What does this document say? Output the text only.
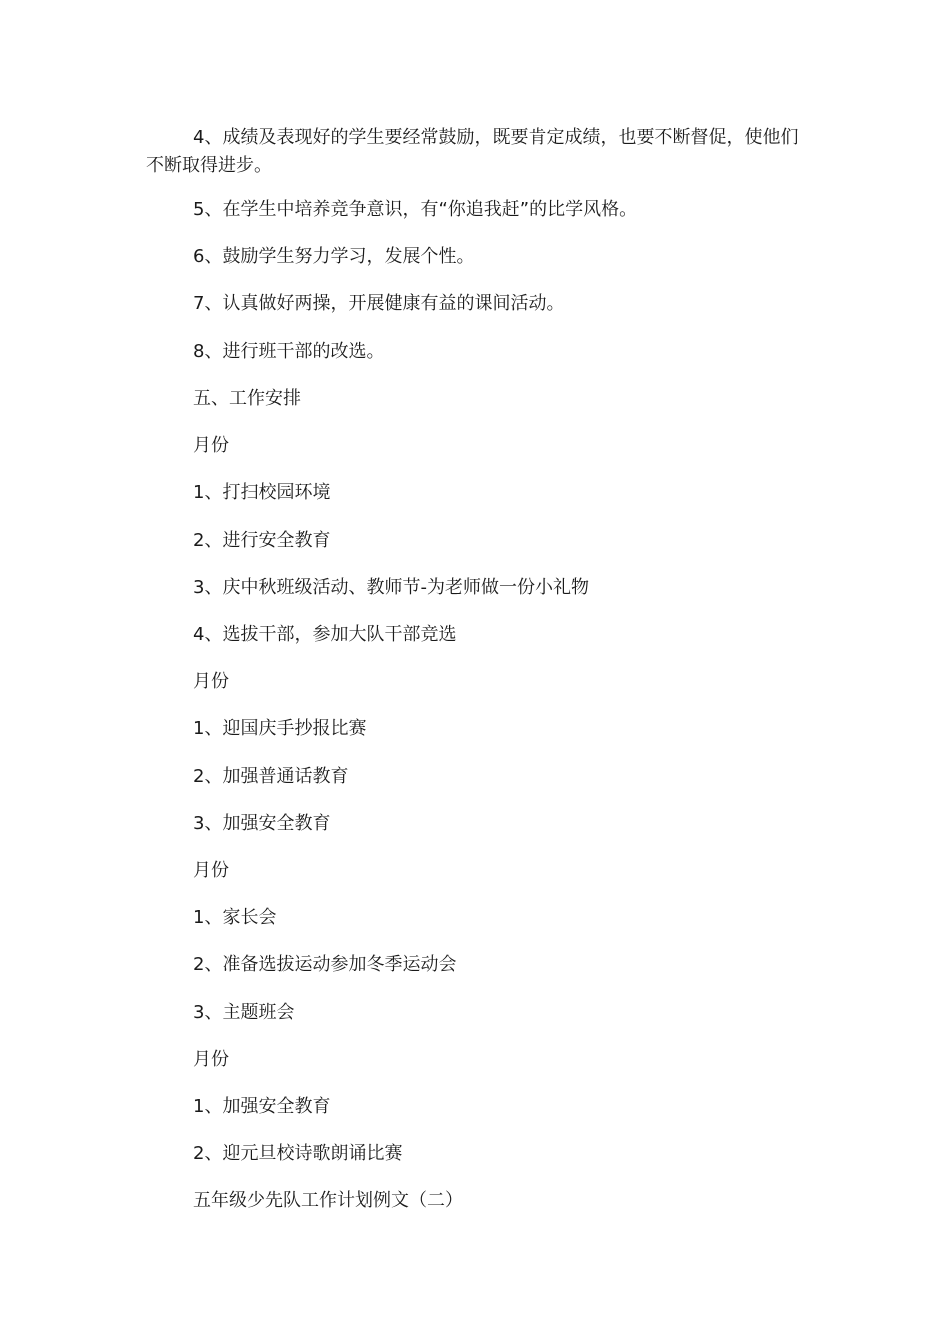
4、成绩及表现好的学生要经常鼓励，既要肯定成绩，也要不断督促，使他们不断取得进步。

5、在学生中培养竞争意识，有“你追我赶”的比学风格。

6、鼓励学生努力学习，发展个性。

7、认真做好两操，开展健康有益的课间活动。

8、进行班干部的改选。

五、工作安排

月份

1、打扫校园环境

2、进行安全教育

3、庆中秋班级活动、教师节-为老师做一份小礼物

4、选拔干部，参加大队干部竞选

月份

1、迎国庆手抄报比赛

2、加强普通话教育

3、加强安全教育

月份

1、家长会

2、准备选拔运动参加冬季运动会

3、主题班会

月份

1、加强安全教育

2、迎元旦校诗歌朗诵比赛

五年级少先队工作计划例文（二）
